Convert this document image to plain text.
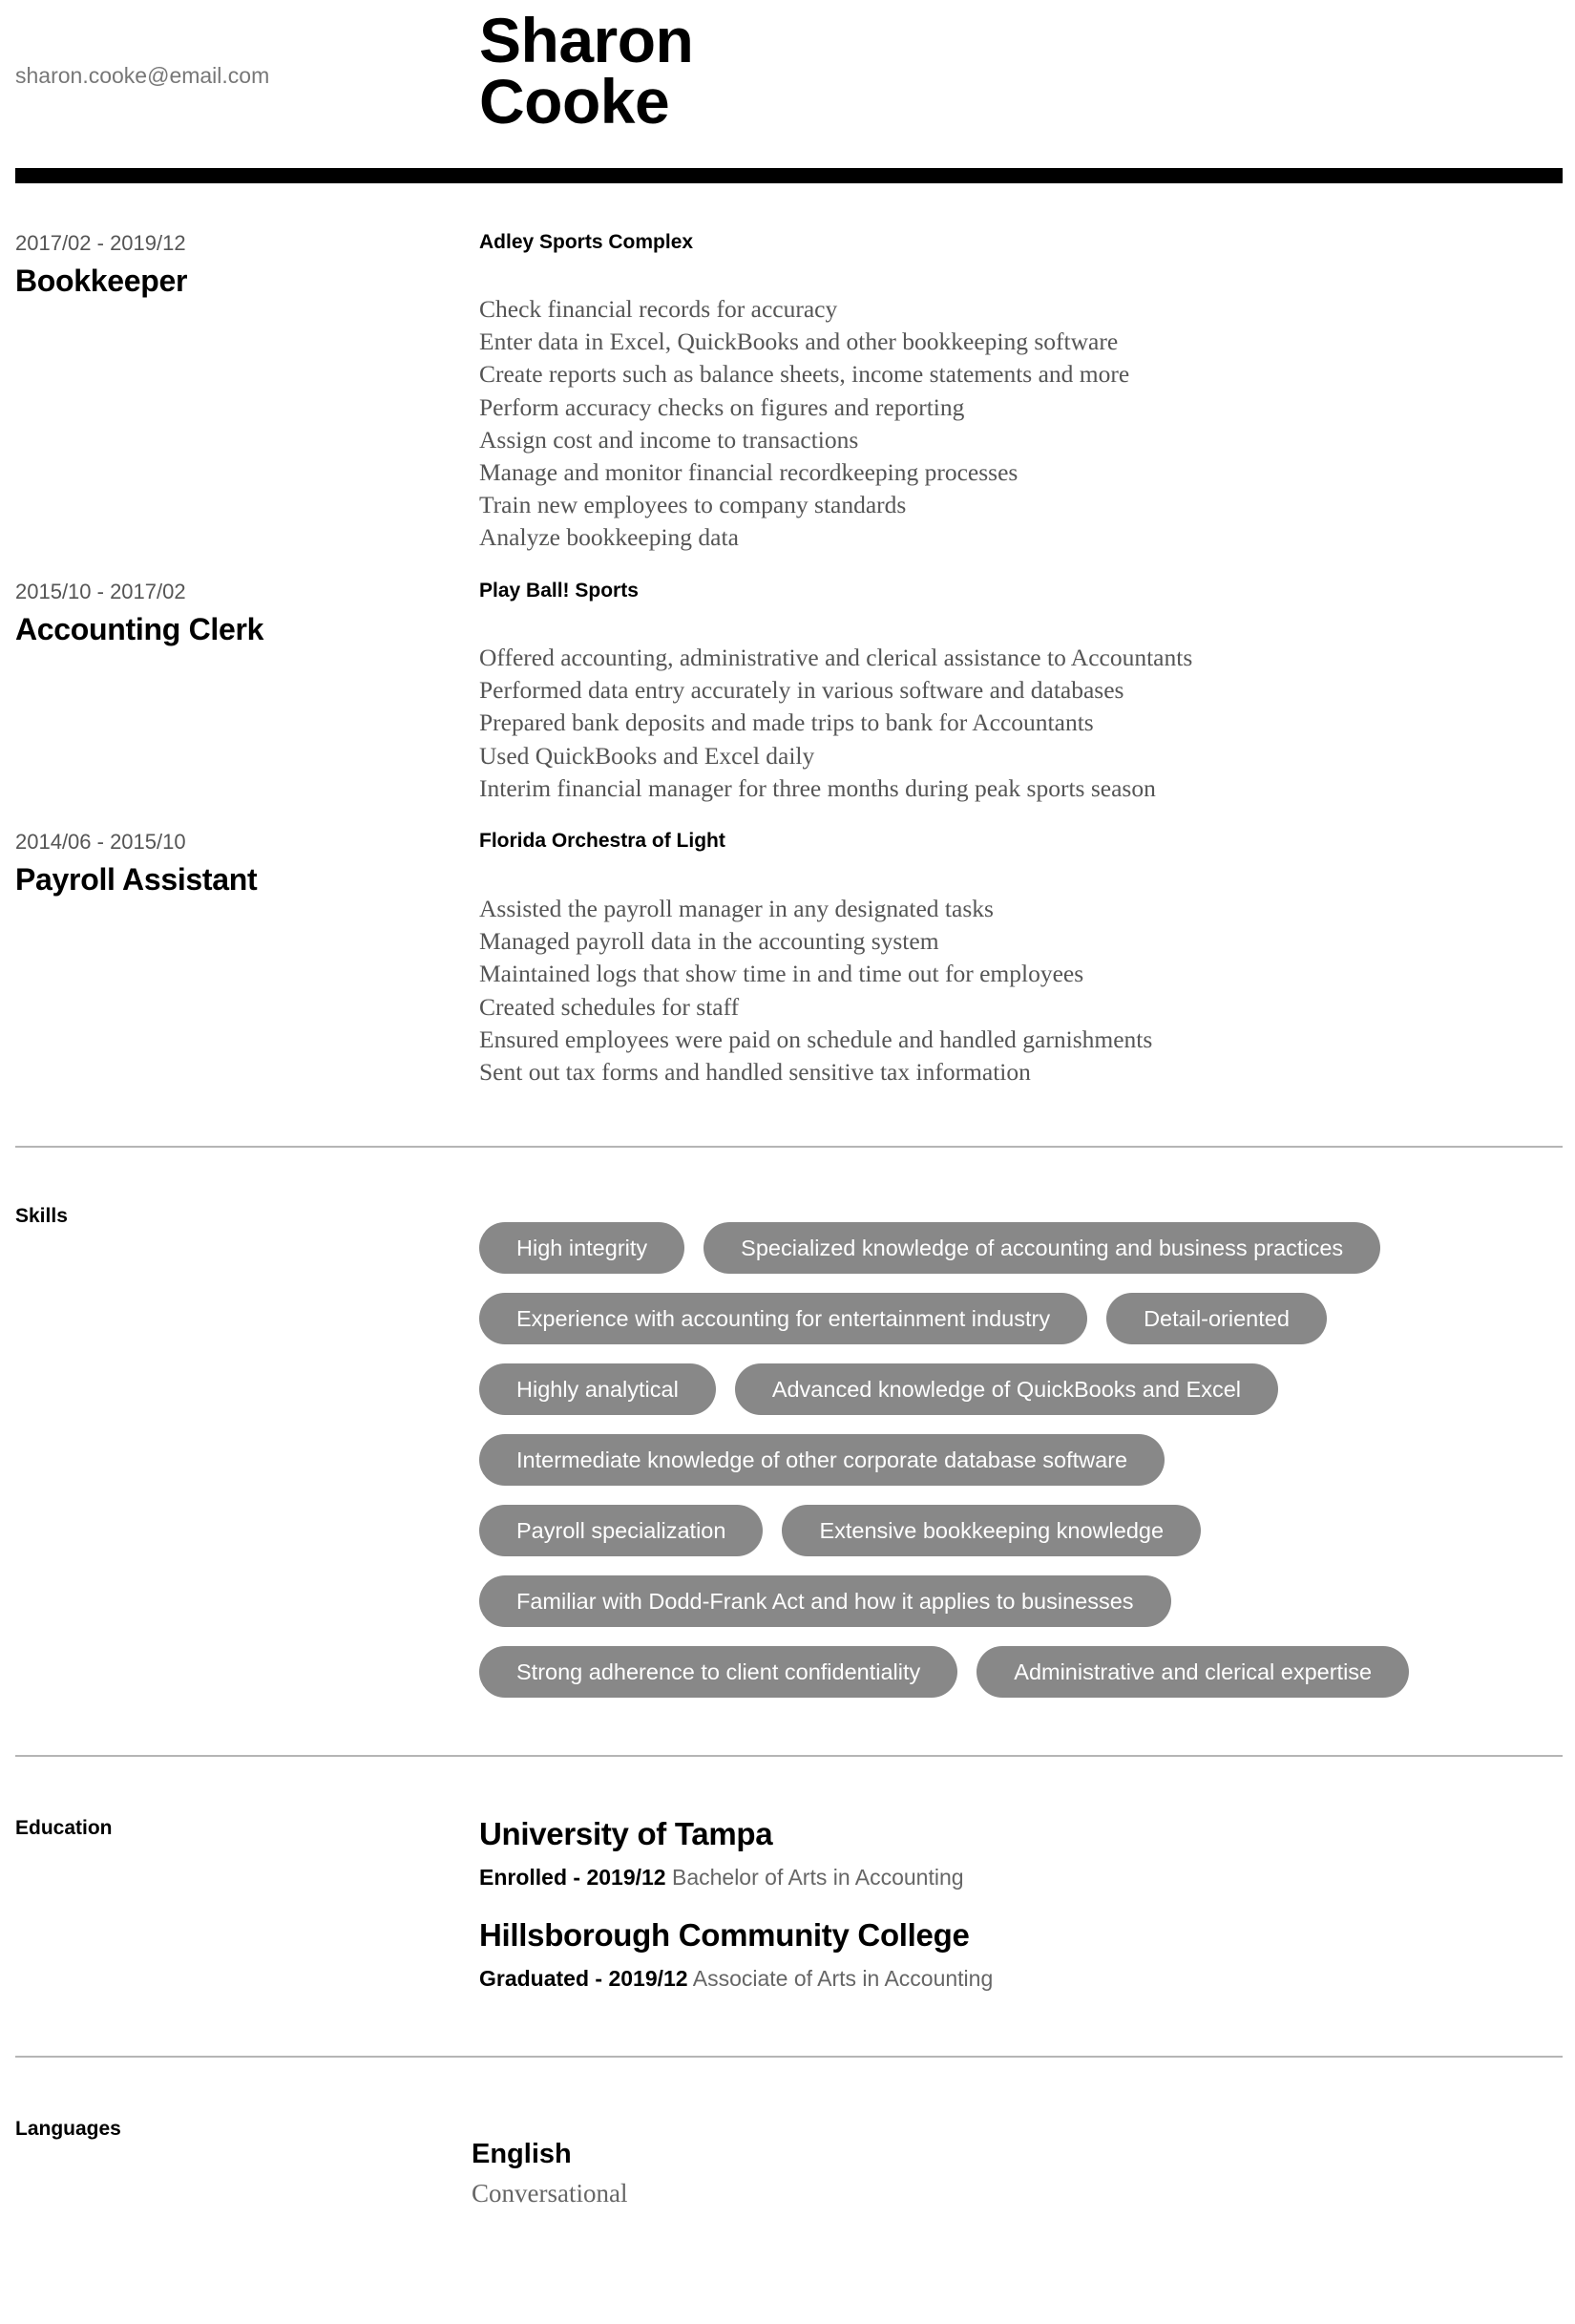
sharon.cooke@email.com	Sharon
Cooke
2017/02 - 2019/12
Bookkeeper
Adley Sports Complex
Check financial records for accuracy
Enter data in Excel, QuickBooks and other bookkeeping software
Create reports such as balance sheets, income statements and more
Perform accuracy checks on figures and reporting
Assign cost and income to transactions
Manage and monitor financial recordkeeping processes
Train new employees to company standards
Analyze bookkeeping data
2015/10 - 2017/02
Accounting Clerk
Play Ball! Sports
Offered accounting, administrative and clerical assistance to Accountants
Performed data entry accurately in various software and databases
Prepared bank deposits and made trips to bank for Accountants
Used QuickBooks and Excel daily
Interim financial manager for three months during peak sports season
2014/06 - 2015/10
Payroll Assistant
Florida Orchestra of Light
Assisted the payroll manager in any designated tasks
Managed payroll data in the accounting system
Maintained logs that show time in and time out for employees
Created schedules for staff
Ensured employees were paid on schedule and handled garnishments
Sent out tax forms and handled sensitive tax information
Skills
High integrity	Specialized knowledge of accounting and business practices
Experience with accounting for entertainment industry	Detail-oriented
Highly analytical	Advanced knowledge of QuickBooks and Excel
Intermediate knowledge of other corporate database software
Payroll specialization	Extensive bookkeeping knowledge
Familiar with Dodd-Frank Act and how it applies to businesses
Strong adherence to client confidentiality	Administrative and clerical expertise
Education	University of Tampa
Enrolled - 2019/12 Bachelor of Arts in Accounting
Hillsborough Community College
Graduated - 2019/12 Associate of Arts in Accounting
Languages
English
Conversational
